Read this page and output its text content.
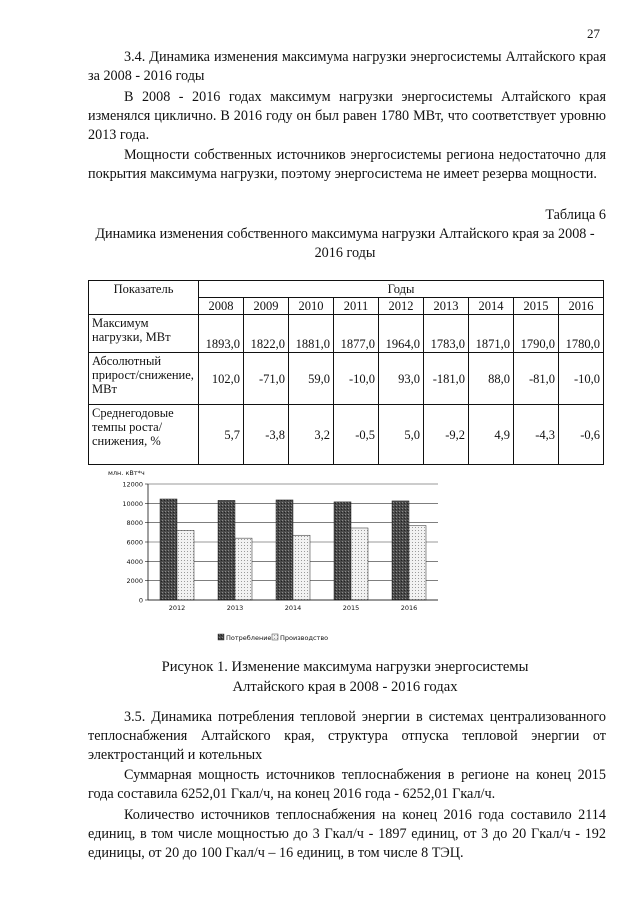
27
3.4. Динамика изменения максимума нагрузки энергосистемы Алтайского края за 2008 - 2016 годы
В 2008 - 2016 годах максимум нагрузки энергосистемы Алтайского края изменялся циклично. В 2016 году он был равен 1780 МВт, что соответствует уровню 2013 года.
Мощности собственных источников энергосистемы региона недостаточно для покрытия максимума нагрузки, поэтому энергосистема не имеет резерва мощности.
Таблица 6
Динамика изменения собственного максимума нагрузки Алтайского края за 2008 - 2016 годы
Показатель	Годы								
	2008	2009	2010	2011	2012	2013	2014	2015	2016
Максимум нагрузки, МВт	1893,0	1822,0	1881,0	1877,0	1964,0	1783,0	1871,0	1790,0	1780,0
Абсолютный прирост/снижение, МВт	102,0	-71,0	59,0	-10,0	93,0	-181,0	88,0	-81,0	-10,0
Среднегодовые темпы роста/снижения, %	5,7	-3,8	3,2	-0,5	5,0	-9,2	4,9	-4,3	-0,6
млн. кВт*ч
0
2000
4000
6000
8000
10000
12000
2012	2013	2014	2015	2016
Потребление Производство
Рисунок 1. Изменение максимума нагрузки энергосистемы Алтайского края в 2008 - 2016 годах
3.5. Динамика потребления тепловой энергии в системах централизованного теплоснабжения Алтайского края, структура отпуска тепловой энергии от электростанций и котельных
Суммарная мощность источников теплоснабжения в регионе на конец 2015 года составила 6252,01 Гкал/ч, на конец 2016 года - 6252,01 Гкал/ч.
Количество источников теплоснабжения на конец 2016 года составило 2114 единиц, в том числе мощностью до 3 Гкал/ч - 1897 единиц, от 3 до 20 Гкал/ч - 192 единицы, от 20 до 100 Гкал/ч – 16 единиц, в том числе 8 ТЭЦ.
